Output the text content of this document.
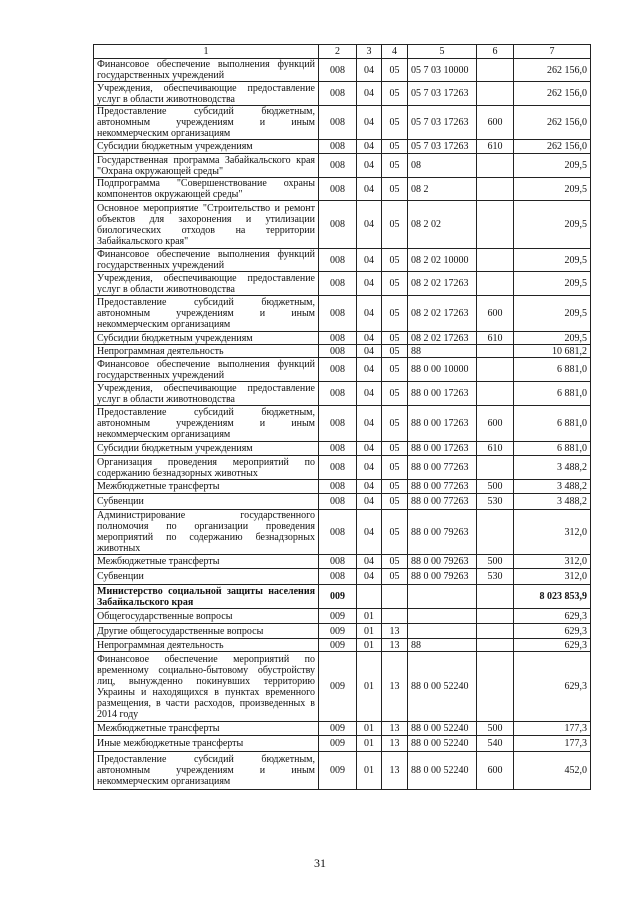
1	2	3	4	5	6	7
Финансовое обеспечение выполнения функций государственных учреждений	008	04	05	05 7 03 10000		262 156,0
Учреждения, обеспечивающие предоставление услуг в области животноводства	008	04	05	05 7 03 17263		262 156,0
Предоставление субсидий бюджетным, автономным учреждениям и иным некоммерческим организациям	008	04	05	05 7 03 17263	600	262 156,0
Субсидии бюджетным учреждениям	008	04	05	05 7 03 17263	610	262 156,0
Государственная программа Забайкальского края "Охрана окружающей среды"	008	04	05	08		209,5
Подпрограмма "Совершенствование охраны компонентов окружающей среды"	008	04	05	08 2		209,5
Основное мероприятие "Строительство и ремонт объектов для захоронения и утилизации биологических отходов на территории Забайкальского края"	008	04	05	08 2 02		209,5
Финансовое обеспечение выполнения функций государственных учреждений	008	04	05	08 2 02 10000		209,5
Учреждения, обеспечивающие предоставление услуг в области животноводства	008	04	05	08 2 02 17263		209,5
Предоставление субсидий бюджетным, автономным учреждениям и иным некоммерческим организациям	008	04	05	08 2 02 17263	600	209,5
Субсидии бюджетным учреждениям	008	04	05	08 2 02 17263	610	209,5
Непрограммная деятельность	008	04	05	88		10 681,2
Финансовое обеспечение выполнения функций государственных учреждений	008	04	05	88 0 00 10000		6 881,0
Учреждения, обеспечивающие предоставление услуг в области животноводства	008	04	05	88 0 00 17263		6 881,0
Предоставление субсидий бюджетным, автономным учреждениям и иным некоммерческим организациям	008	04	05	88 0 00 17263	600	6 881,0
Субсидии бюджетным учреждениям	008	04	05	88 0 00 17263	610	6 881,0
Организация проведения мероприятий по содержанию безнадзорных животных	008	04	05	88 0 00 77263		3 488,2
Межбюджетные трансферты	008	04	05	88 0 00 77263	500	3 488,2
Субвенции	008	04	05	88 0 00 77263	530	3 488,2
Администрирование государственного полномочия по организации проведения мероприятий по содержанию безнадзорных животных	008	04	05	88 0 00 79263		312,0
Межбюджетные трансферты	008	04	05	88 0 00 79263	500	312,0
Субвенции	008	04	05	88 0 00 79263	530	312,0
Министерство социальной защиты населения Забайкальского края	009					8 023 853,9
Общегосударственные вопросы	009	01				629,3
Другие общегосударственные вопросы	009	01	13			629,3
Непрограммная деятельность	009	01	13	88		629,3
Финансовое обеспечение мероприятий по временному социально-бытовому обустройству лиц, вынужденно покинувших территорию Украины и находящихся в пунктах временного размещения, в части расходов, произведенных в 2014 году	009	01	13	88 0 00 52240		629,3
Межбюджетные трансферты	009	01	13	88 0 00 52240	500	177,3
Иные межбюджетные трансферты	009	01	13	88 0 00 52240	540	177,3
Предоставление субсидий бюджетным, автономным учреждениям и иным некоммерческим организациям	009	01	13	88 0 00 52240	600	452,0
31
